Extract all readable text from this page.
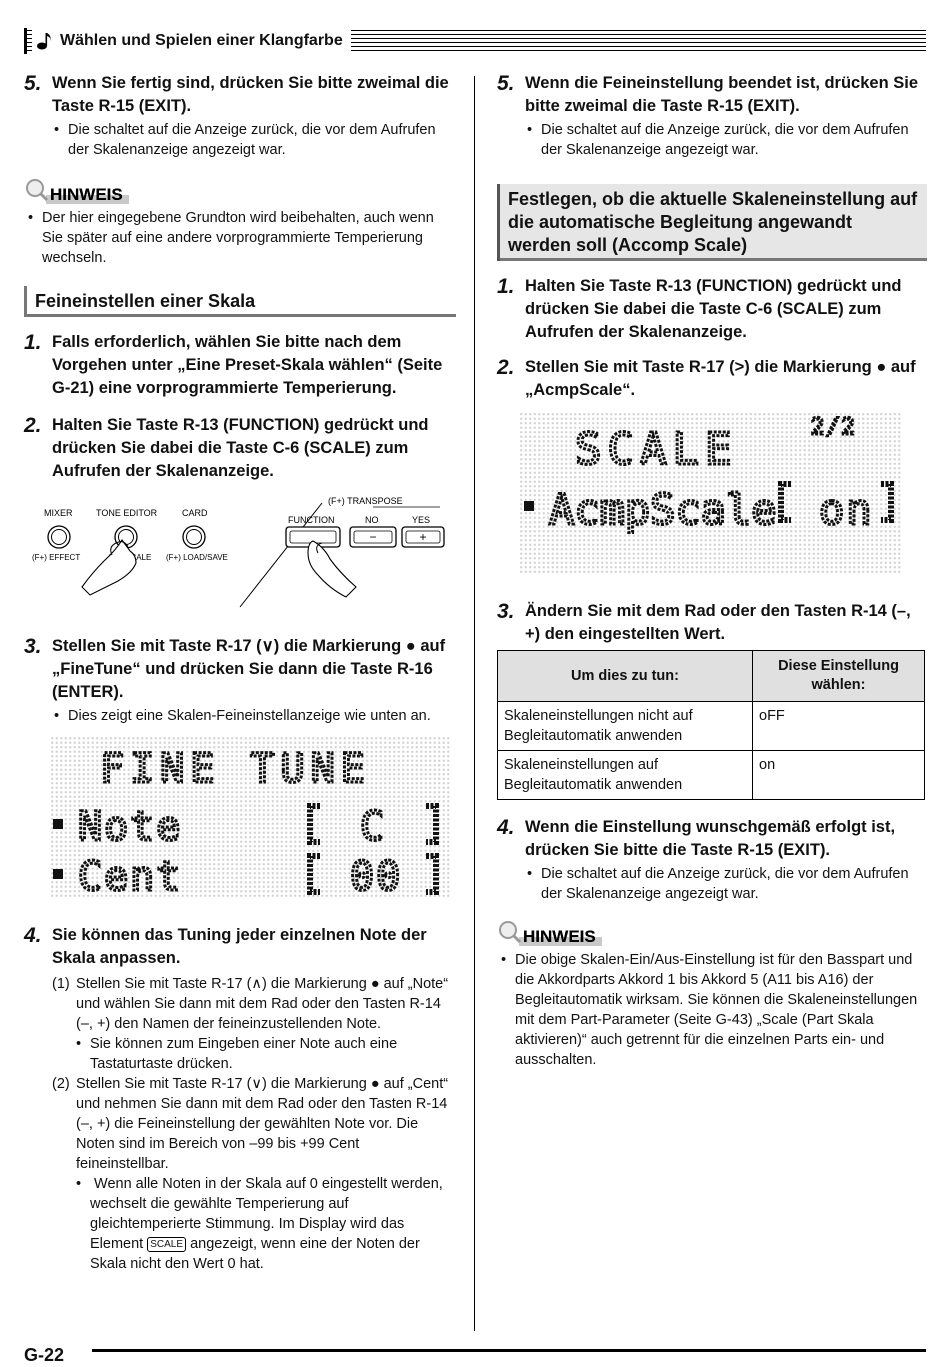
Wählen und Spielen einer Klangfarbe
5. Wenn Sie fertig sind, drücken Sie bitte zweimal die Taste R-15 (EXIT).
• Die schaltet auf die Anzeige zurück, die vor dem Aufrufen der Skalenanzeige angezeigt war.
HINWEIS
• Der hier eingegebene Grundton wird beibehalten, auch wenn Sie später auf eine andere vorprogrammierte Temperierung wechseln.
Feineinstellen einer Skala
1. Falls erforderlich, wählen Sie bitte nach dem Vorgehen unter „Eine Preset-Skala wählen“ (Seite G-21) eine vorprogrammierte Temperierung.
2. Halten Sie Taste R-13 (FUNCTION) gedrückt und drücken Sie dabei die Taste C-6 (SCALE) zum Aufrufen der Skalenanzeige.
MIXER	TONE EDITOR	CARD
(F+) EFFECT	SCALE (F+) LOAD/SAVE
(F+) TRANSPOSE
FUNCTION	NO	YES
−	+
3. Stellen Sie mit Taste R-17 (∨) die Markierung ● auf „FineTune“ und drücken Sie dann die Taste R-16 (ENTER).
• Dies zeigt eine Skalen-Feineinstellanzeige wie unten an.
FINE TUNE
Note	C
Cent	00
4. Sie können das Tuning jeder einzelnen Note der Skala anpassen.
(1) Stellen Sie mit Taste R-17 (∧) die Markierung ● auf „Note“ und wählen Sie dann mit dem Rad oder den Tasten R-14 (–, +) den Namen der feineinzustellenden Note.
• Sie können zum Eingeben einer Note auch eine Tastaturtaste drücken.
(2) Stellen Sie mit Taste R-17 (∨) die Markierung ● auf „Cent“ und nehmen Sie dann mit dem Rad oder den Tasten R-14 (–, +) die Feineinstellung der gewählten Note vor. Die Noten sind im Bereich von –99 bis +99 Cent feineinstellbar.
• Wenn alle Noten in der Skala auf 0 eingestellt werden, wechselt die gewählte Temperierung auf gleichtemperierte Stimmung. Im Display wird das Element SCALE angezeigt, wenn eine der Noten der Skala nicht den Wert 0 hat.
5. Wenn die Feineinstellung beendet ist, drücken Sie bitte zweimal die Taste R-15 (EXIT).
• Die schaltet auf die Anzeige zurück, die vor dem Aufrufen der Skalenanzeige angezeigt war.
Festlegen, ob die aktuelle Skaleneinstellung auf die automatische Begleitung angewandt werden soll (Accomp Scale)
1. Halten Sie Taste R-13 (FUNCTION) gedrückt und drücken Sie dabei die Taste C-6 (SCALE) zum Aufrufen der Skalenanzeige.
2. Stellen Sie mit Taste R-17 (>) die Markierung ● auf „AcmpScale“.
SCALE	2/2
AcmpScale on
3. Ändern Sie mit dem Rad oder den Tasten R-14 (–, +) den eingestellten Wert.
Um dies zu tun:	Diese Einstellung wählen:
Skaleneinstellungen nicht auf Begleitautomatik anwenden	oFF
Skaleneinstellungen auf Begleitautomatik anwenden	on
4. Wenn die Einstellung wunschgemäß erfolgt ist, drücken Sie bitte die Taste R-15 (EXIT).
• Die schaltet auf die Anzeige zurück, die vor dem Aufrufen der Skalenanzeige angezeigt war.
HINWEIS
• Die obige Skalen-Ein/Aus-Einstellung ist für den Basspart und die Akkordparts Akkord 1 bis Akkord 5 (A11 bis A16) der Begleitautomatik wirksam. Sie können die Skaleneinstellungen mit dem Part-Parameter (Seite G-43) „Scale (Part Skala aktivieren)“ auch getrennt für die einzelnen Parts ein- und ausschalten.
G-22
